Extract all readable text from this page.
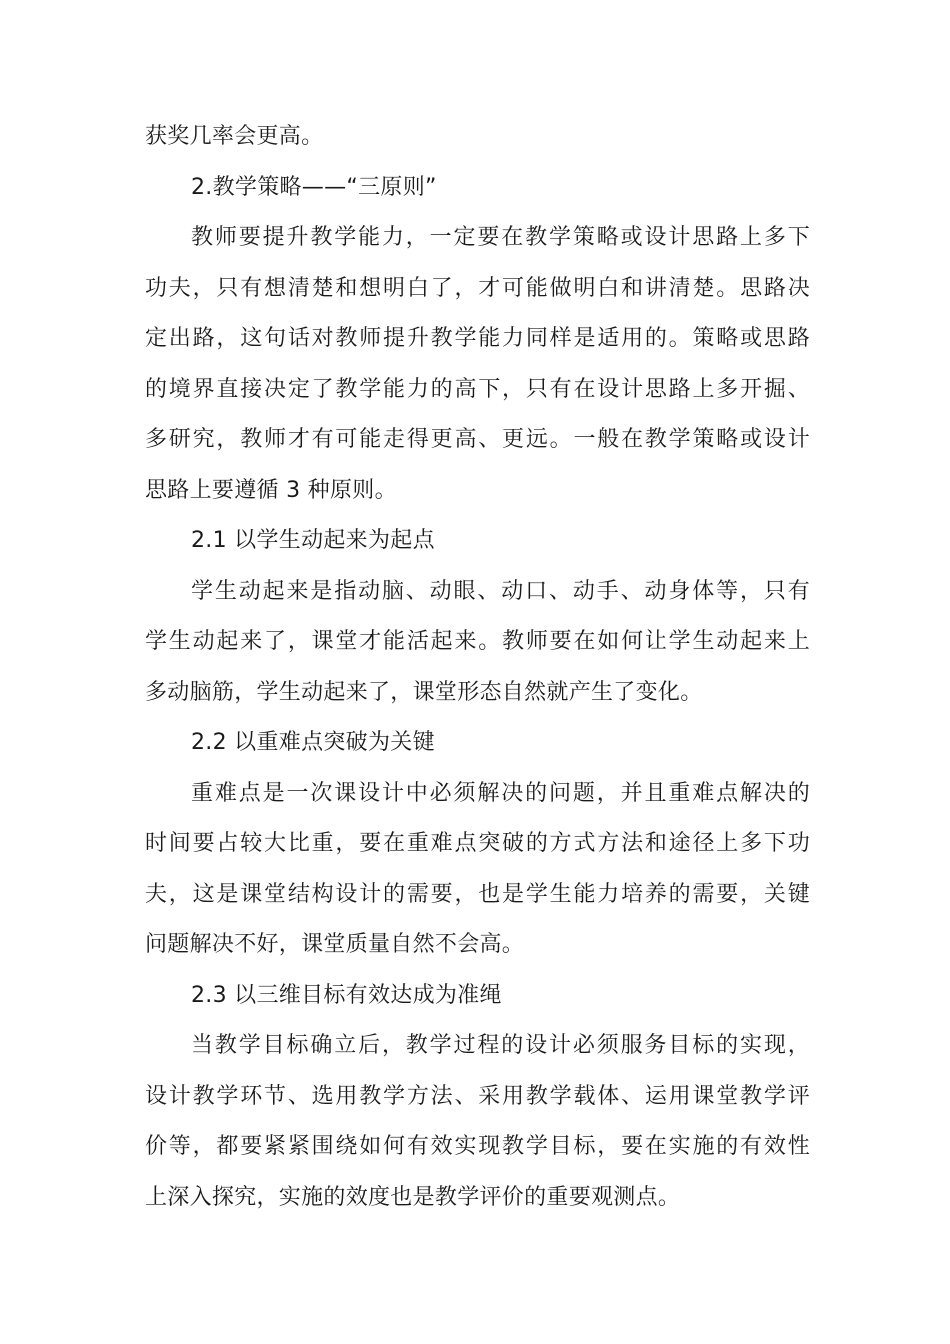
获奖几率会更高。
2.教学策略——“三原则”
教师要提升教学能力，一定要在教学策略或设计思路上多下
功夫，只有想清楚和想明白了，才可能做明白和讲清楚。思路决
定出路，这句话对教师提升教学能力同样是适用的。策略或思路
的境界直接决定了教学能力的高下，只有在设计思路上多开掘、
多研究，教师才有可能走得更高、更远。一般在教学策略或设计
思路上要遵循 3 种原则。
2.1 以学生动起来为起点
学生动起来是指动脑、动眼、动口、动手、动身体等，只有
学生动起来了，课堂才能活起来。教师要在如何让学生动起来上
多动脑筋，学生动起来了，课堂形态自然就产生了变化。
2.2 以重难点突破为关键
重难点是一次课设计中必须解决的问题，并且重难点解决的
时间要占较大比重，要在重难点突破的方式方法和途径上多下功
夫，这是课堂结构设计的需要，也是学生能力培养的需要，关键
问题解决不好，课堂质量自然不会高。
2.3 以三维目标有效达成为准绳
当教学目标确立后，教学过程的设计必须服务目标的实现，
设计教学环节、选用教学方法、采用教学载体、运用课堂教学评
价等，都要紧紧围绕如何有效实现教学目标，要在实施的有效性
上深入探究，实施的效度也是教学评价的重要观测点。
